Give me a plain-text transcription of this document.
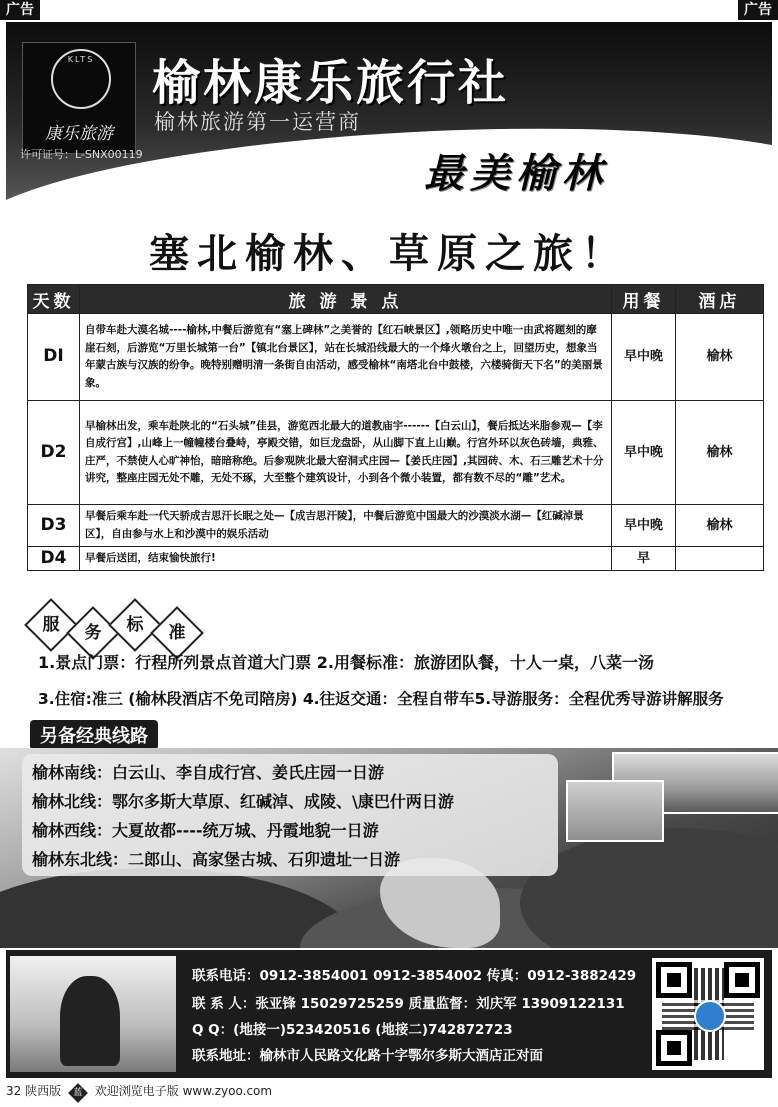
广告	广告
KLTS
康乐旅游
榆林康乐旅行社
榆林旅游第一运营商
许可证号：L-SNX00119	最美榆林
塞北榆林、草原之旅！
天数	旅 游 景 点	用餐	酒店
DI	自带车赴大漠名城----榆林,中餐后游览有“塞上碑林”之美誉的【红石峡景区】,领略历史中唯一由武将题刻的摩崖石刻，后游览“万里长城第一台”【镇北台景区】，站在长城沿线最大的一个烽火墩台之上，回望历史，想象当年蒙古族与汉族的纷争。晚特别赠明清一条街自由活动，感受榆林“南塔北台中鼓楼，六楼骑街天下名”的美丽景象。	早中晚	榆林
D2	早榆林出发，乘车赴陕北的“石头城”佳县，游览西北最大的道教庙宇------【白云山】，餐后抵达米脂参观—【李自成行宫】,山峰上一幢幢楼台叠峙，亭殿交错，如巨龙盘卧，从山脚下直上山巅。行宫外环以灰色砖墙，典雅、庄严，不禁使人心旷神怡，暗暗称绝。后参观陕北最大窑洞式庄园—【姜氏庄园】,其园砖、木、石三雕艺术十分讲究，整座庄园无处不雕，无处不琢，大至整个建筑设计，小到各个微小装置，都有数不尽的“雕”艺术。	早中晚	榆林
D3	早餐后乘车赴一代天骄成吉思汗长眠之处—【成吉思汗陵】，中餐后游览中国最大的沙漠淡水湖—【红碱淖景区】，自由参与水上和沙漠中的娱乐活动	早中晚	榆林
D4	早餐后送团，结束愉快旅行!	早	
服	务	标	准
1.景点门票：行程所列景点首道大门票 2.用餐标准：旅游团队餐，十人一桌，八菜一汤
3.住宿:准三 (榆林段酒店不免司陪房) 4.往返交通：全程自带车5.导游服务：全程优秀导游讲解服务
另备经典线路
榆林南线：白云山、李自成行宫、姜氏庄园一日游
榆林北线：鄂尔多斯大草原、红碱淖、成陵、\康巴什两日游
榆林西线：大夏故都----统万城、丹霞地貌一日游
榆林东北线：二郎山、高家堡古城、石卯遗址一日游
联系电话：0912-3854001 0912-3854002 传真：0912-3882429
联 系 人：张亚锋 15029725259 质量监督：刘庆军 13909122131
Q Q：(地接一)523420516 (地接二)742872723
联系地址：榆林市人民路文化路十字鄂尔多斯大酒店正对面
32 陕西版 蓝 欢迎浏览电子版 www.zyoo.com
